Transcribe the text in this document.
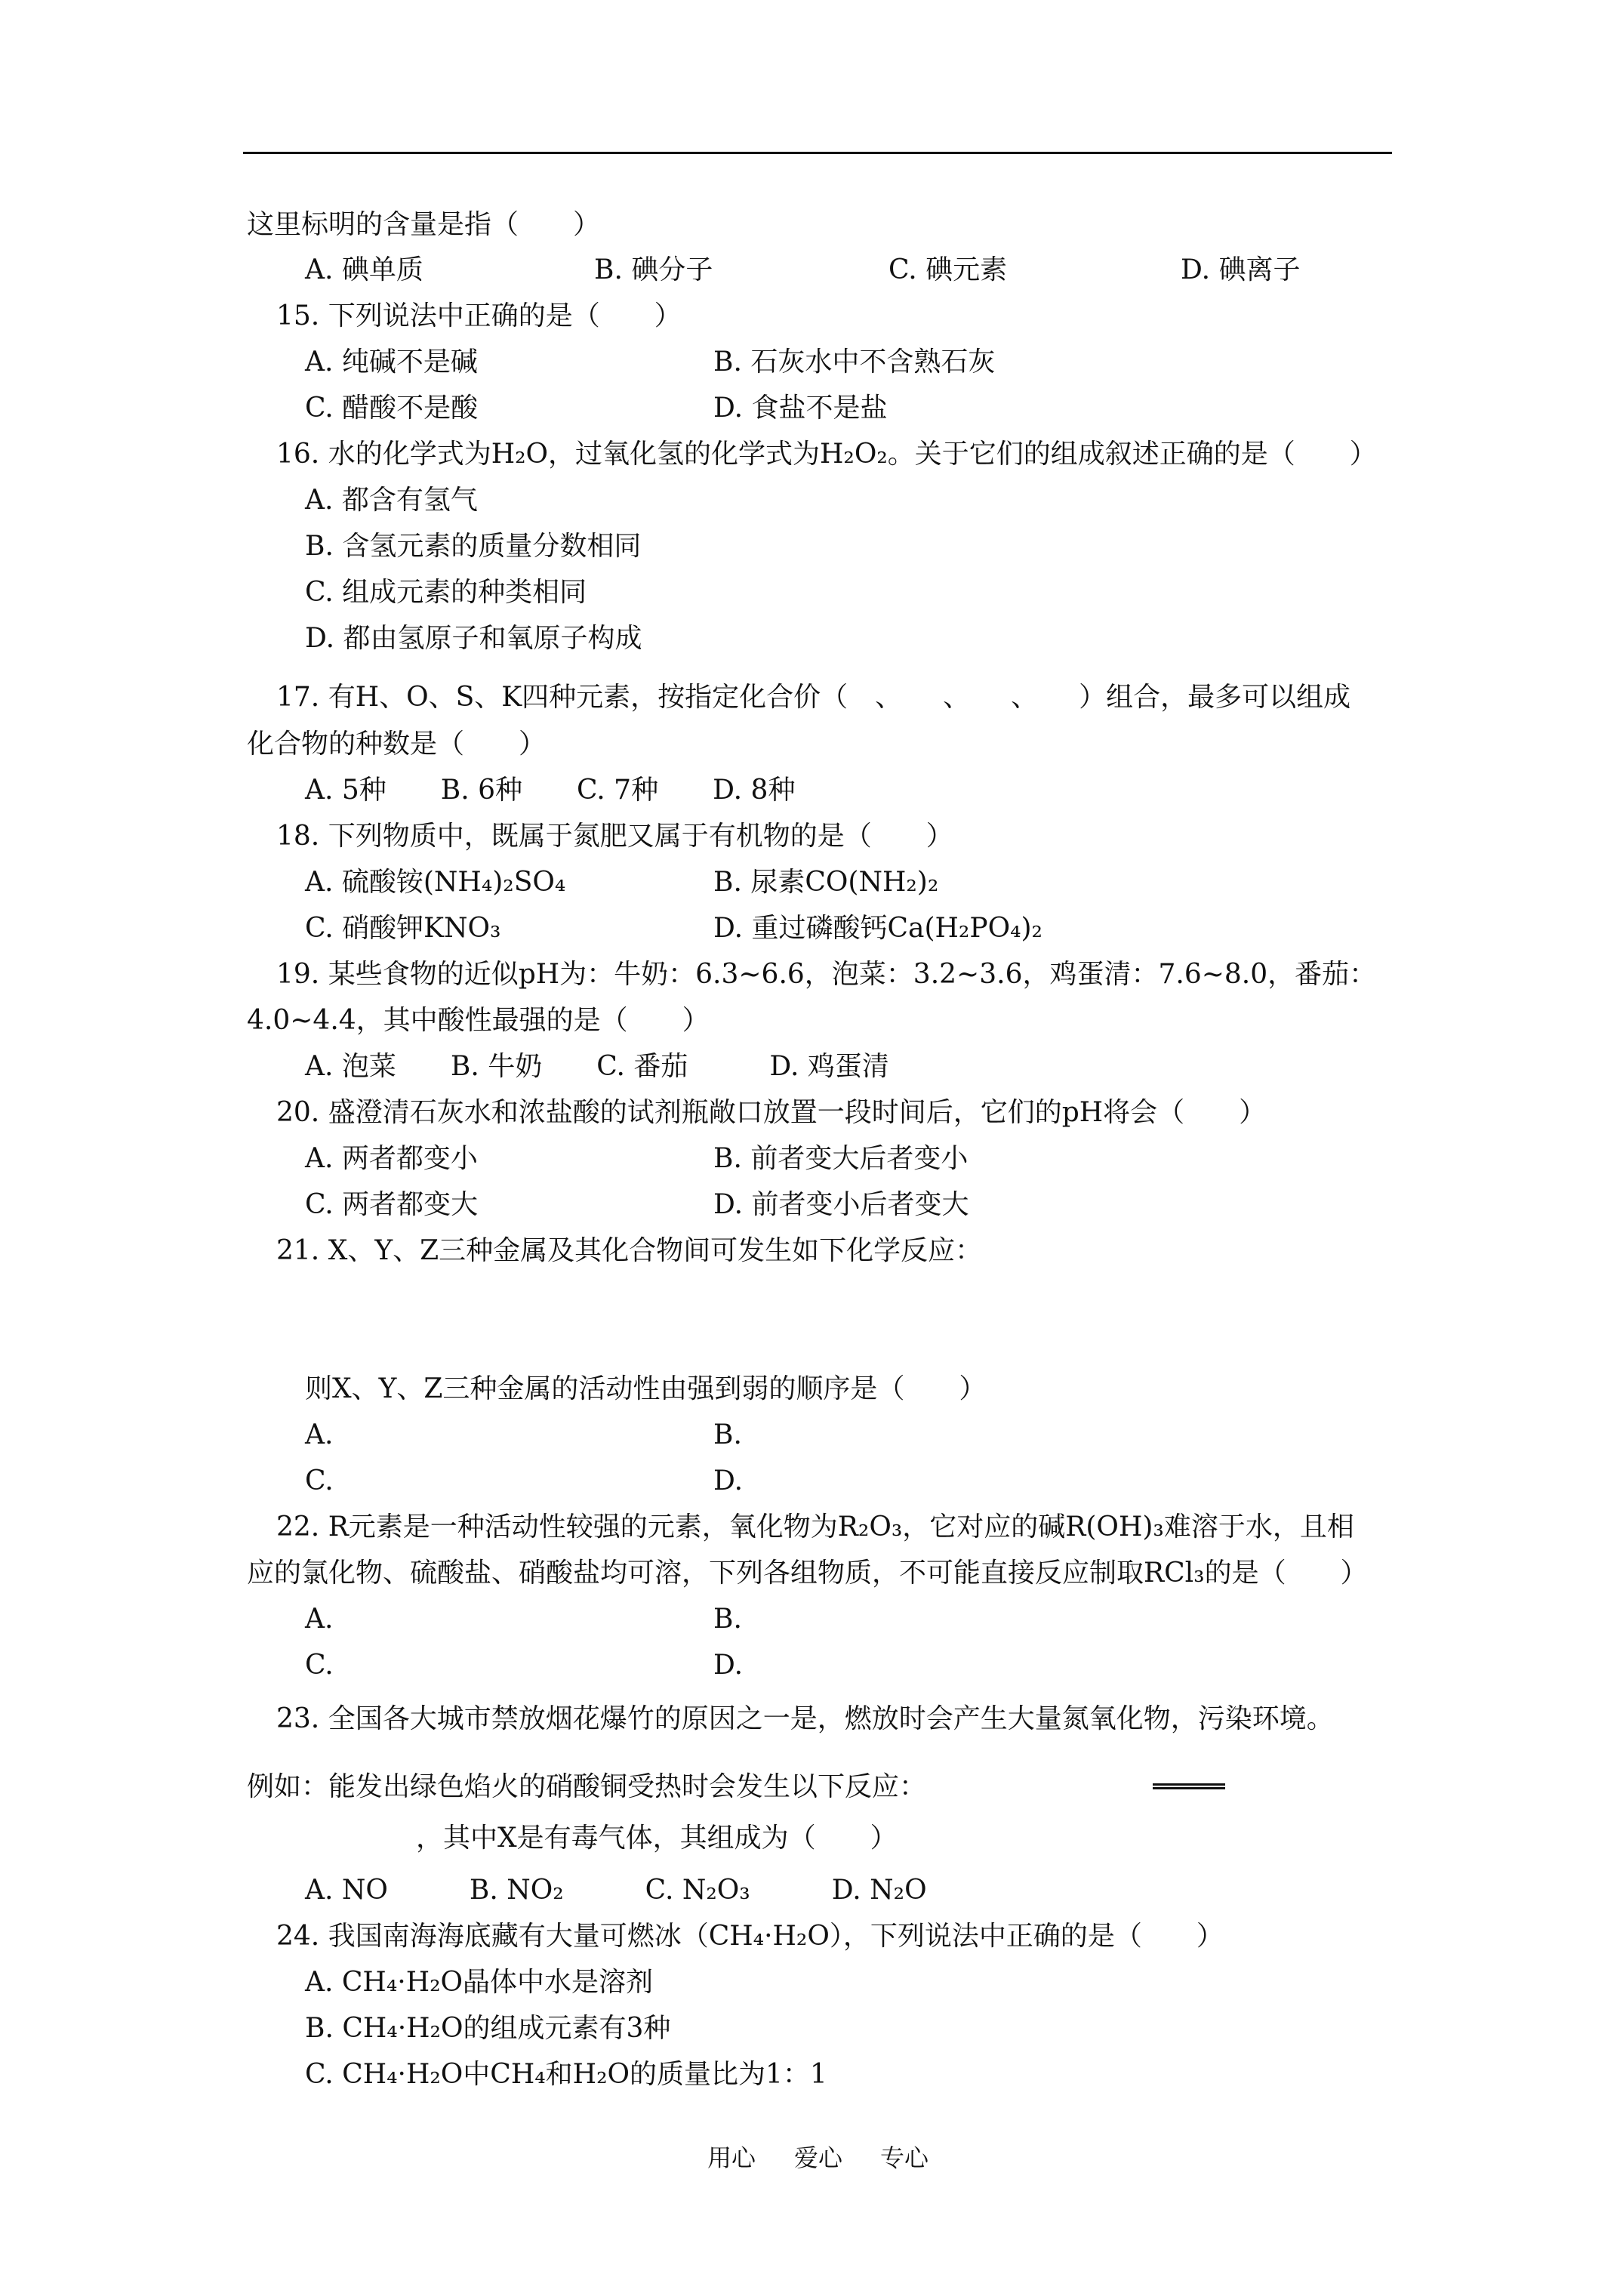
这里标明的含量是指（　　）
A. 碘单质	B. 碘分子	C. 碘元素	D. 碘离子
15. 下列说法中正确的是（　　）
A. 纯碱不是碱	B. 石灰水中不含熟石灰
C. 醋酸不是酸	D. 食盐不是盐
16. 水的化学式为H₂O，过氧化氢的化学式为H₂O₂。关于它们的组成叙述正确的是（　　）
A. 都含有氢气
B. 含氢元素的质量分数相同
C. 组成元素的种类相同
D. 都由氢原子和氧原子构成
17. 有H、O、S、K四种元素，按指定化合价（　、　　、　　、　　）组合，最多可以组成
化合物的种数是（　　）
A. 5种　　B. 6种　　C. 7种　　D. 8种
18. 下列物质中，既属于氮肥又属于有机物的是（　　）
A. 硫酸铵(NH₄)₂SO₄	B. 尿素CO(NH₂)₂
C. 硝酸钾KNO₃	D. 重过磷酸钙Ca(H₂PO₄)₂
19. 某些食物的近似pH为：牛奶：6.3~6.6，泡菜：3.2~3.6，鸡蛋清：7.6~8.0，番茄：
4.0~4.4，其中酸性最强的是（　　）
A. 泡菜　　B. 牛奶　　C. 番茄　　　D. 鸡蛋清
20. 盛澄清石灰水和浓盐酸的试剂瓶敞口放置一段时间后，它们的pH将会（　　）
A. 两者都变小	B. 前者变大后者变小
C. 两者都变大	D. 前者变小后者变大
21. X、Y、Z三种金属及其化合物间可发生如下化学反应：
则X、Y、Z三种金属的活动性由强到弱的顺序是（　　）
A.	B.
C.	D.
22. R元素是一种活动性较强的元素，氧化物为R₂O₃，它对应的碱R(OH)₃难溶于水，且相
应的氯化物、硫酸盐、硝酸盐均可溶，下列各组物质，不可能直接反应制取RCl₃的是（　　）
A.	B.
C.	D.
23. 全国各大城市禁放烟花爆竹的原因之一是，燃放时会产生大量氮氧化物，污染环境。
例如：能发出绿色焰火的硝酸铜受热时会发生以下反应：
，其中X是有毒气体，其组成为（　　）
A. NO　　　B. NO₂　　　C. N₂O₃　　　D. N₂O
24. 我国南海海底藏有大量可燃冰（CH₄·H₂O），下列说法中正确的是（　　）
A. CH₄·H₂O晶体中水是溶剂
B. CH₄·H₂O的组成元素有3种
C. CH₄·H₂O中CH₄和H₂O的质量比为1：1
用心 爱心 专心
